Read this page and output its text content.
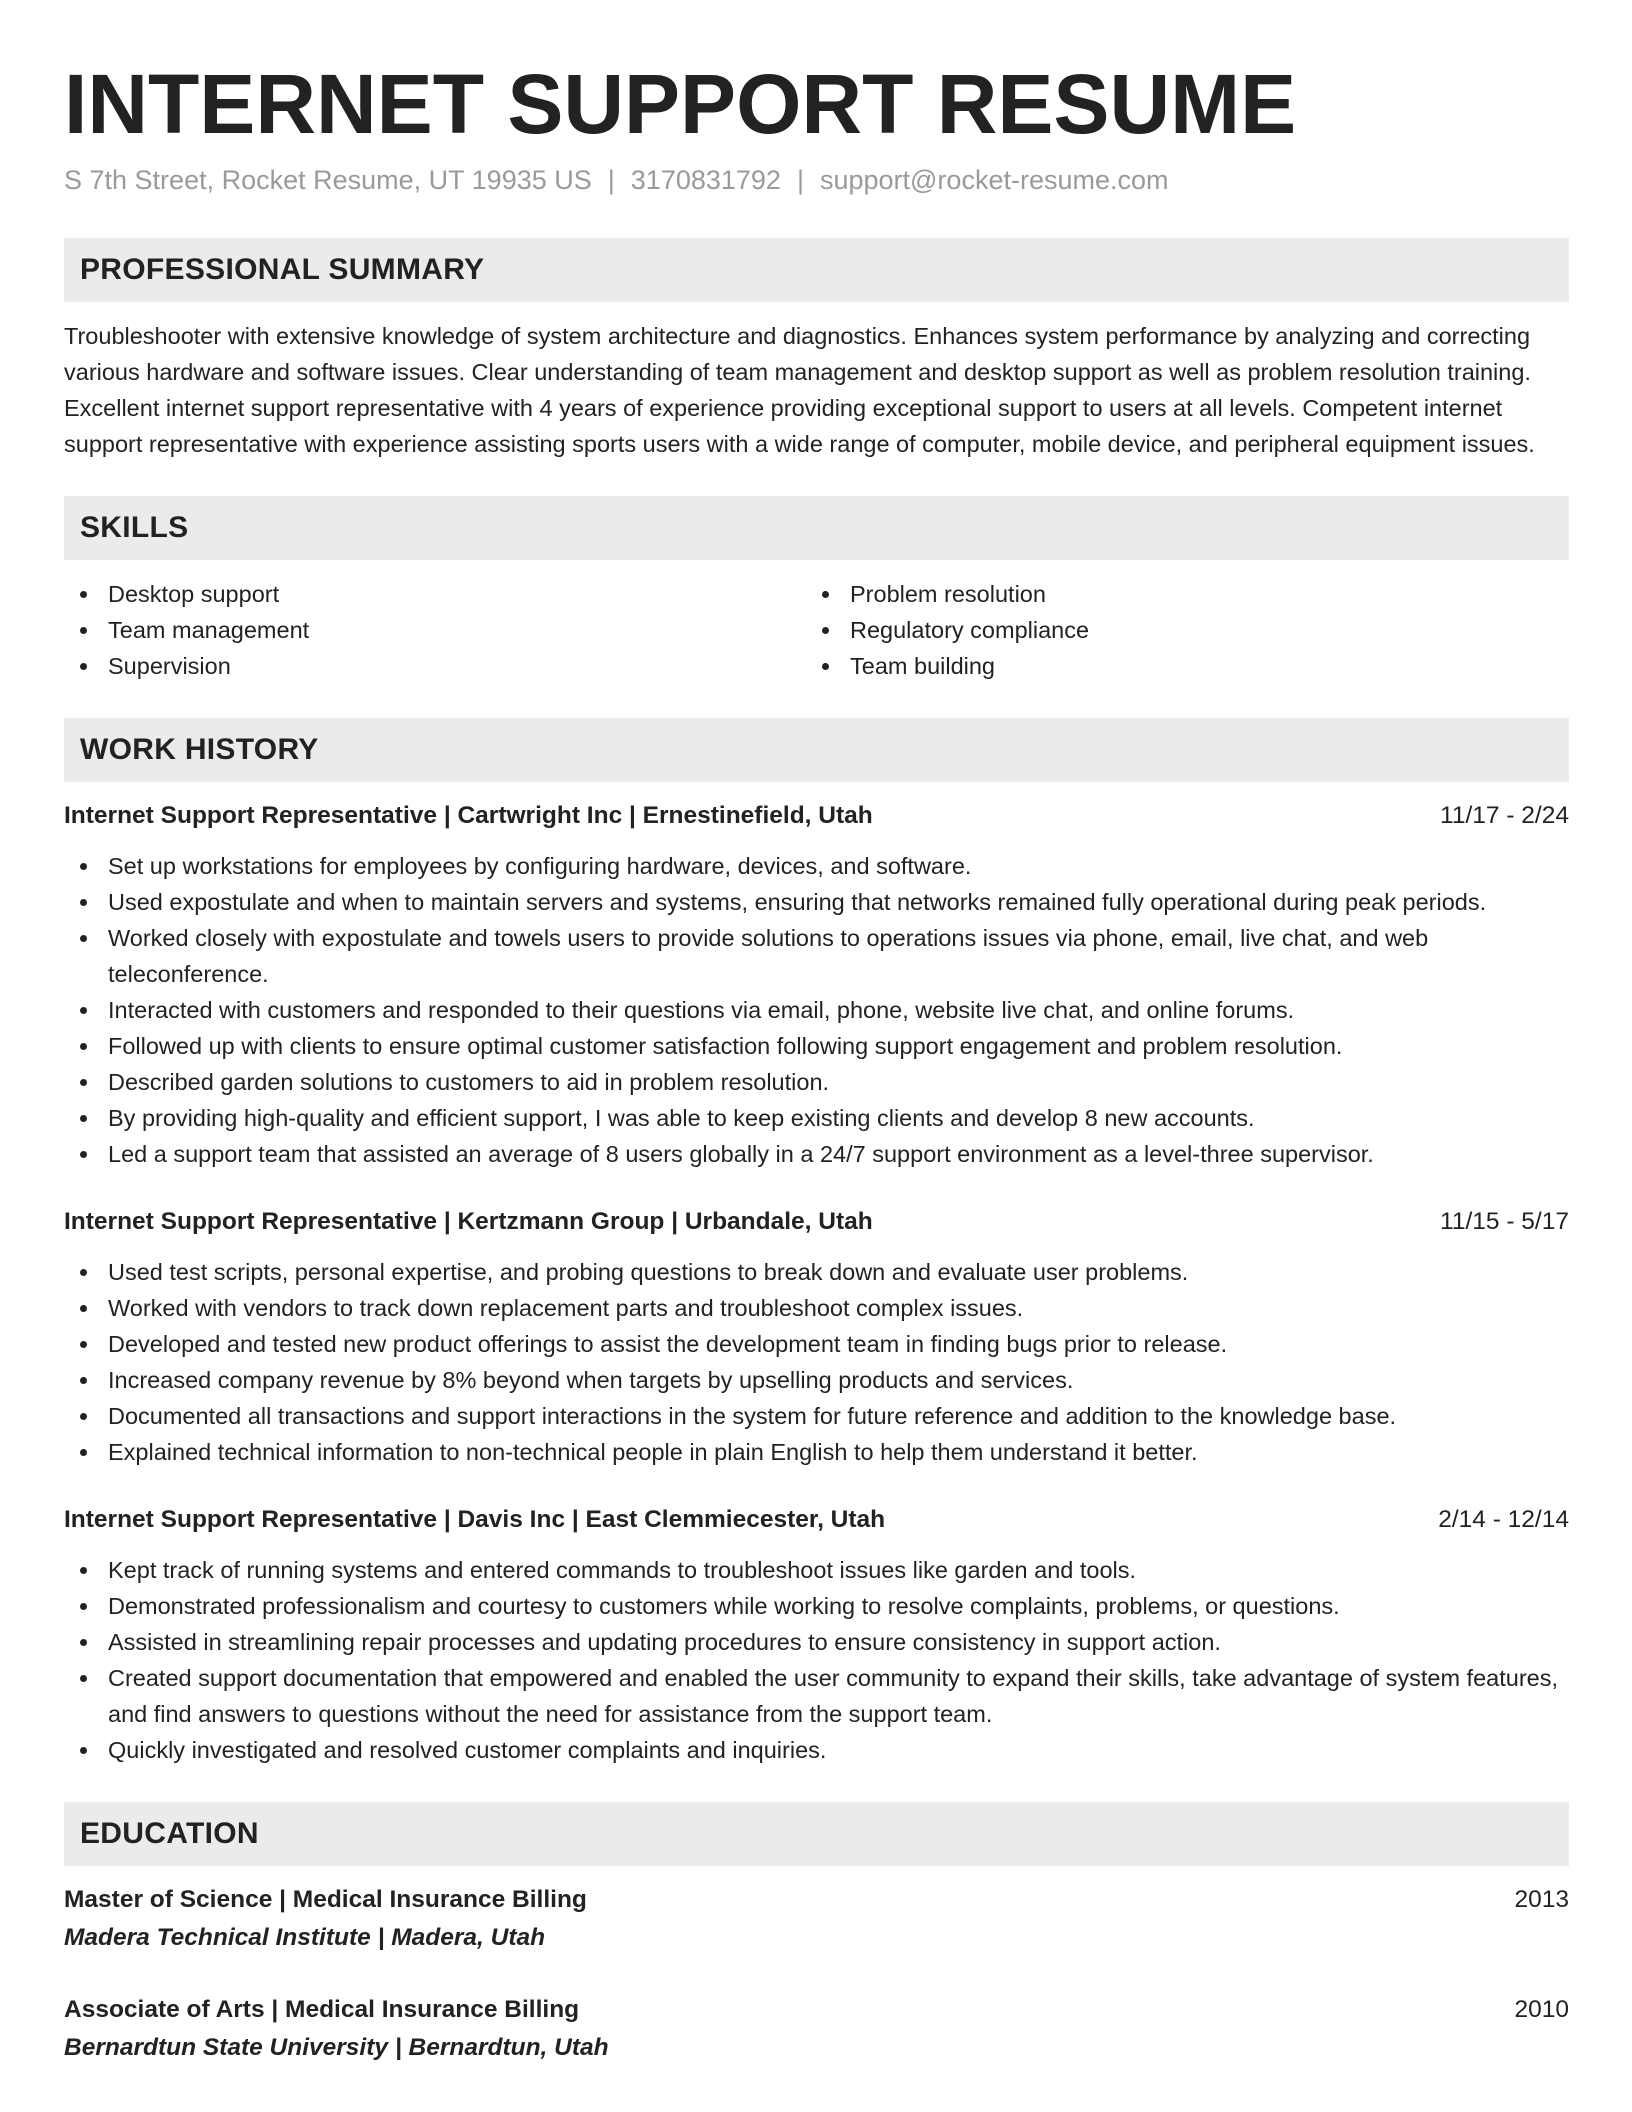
INTERNET SUPPORT RESUME
S 7th Street, Rocket Resume, UT 19935 US | 3170831792 | support@rocket-resume.com
PROFESSIONAL SUMMARY

Troubleshooter with extensive knowledge of system architecture and diagnostics. Enhances system performance by analyzing and correcting various hardware and software issues. Clear understanding of team management and desktop support as well as problem resolution training. Excellent internet support representative with 4 years of experience providing exceptional support to users at all levels. Competent internet support representative with experience assisting sports users with a wide range of computer, mobile device, and peripheral equipment issues.

SKILLS
Desktop support
Team management
Supervision
Problem resolution
Regulatory compliance
Team building
WORK HISTORY
Internet Support Representative | Cartwright Inc | Ernestinefield, Utah	11/17 - 2/24
Set up workstations for employees by configuring hardware, devices, and software.
Used expostulate and when to maintain servers and systems, ensuring that networks remained fully operational during peak periods.
Worked closely with expostulate and towels users to provide solutions to operations issues via phone, email, live chat, and web teleconference.
Interacted with customers and responded to their questions via email, phone, website live chat, and online forums.
Followed up with clients to ensure optimal customer satisfaction following support engagement and problem resolution.
Described garden solutions to customers to aid in problem resolution.
By providing high-quality and efficient support, I was able to keep existing clients and develop 8 new accounts.
Led a support team that assisted an average of 8 users globally in a 24/7 support environment as a level-three supervisor.
Internet Support Representative | Kertzmann Group | Urbandale, Utah	11/15 - 5/17
Used test scripts, personal expertise, and probing questions to break down and evaluate user problems.
Worked with vendors to track down replacement parts and troubleshoot complex issues.
Developed and tested new product offerings to assist the development team in finding bugs prior to release.
Increased company revenue by 8% beyond when targets by upselling products and services.
Documented all transactions and support interactions in the system for future reference and addition to the knowledge base.
Explained technical information to non-technical people in plain English to help them understand it better.
Internet Support Representative | Davis Inc | East Clemmiecester, Utah	2/14 - 12/14
Kept track of running systems and entered commands to troubleshoot issues like garden and tools.
Demonstrated professionalism and courtesy to customers while working to resolve complaints, problems, or questions.
Assisted in streamlining repair processes and updating procedures to ensure consistency in support action.
Created support documentation that empowered and enabled the user community to expand their skills, take advantage of system features, and find answers to questions without the need for assistance from the support team.
Quickly investigated and resolved customer complaints and inquiries.
EDUCATION
Master of Science | Medical Insurance Billing	2013
Madera Technical Institute | Madera, Utah
Associate of Arts | Medical Insurance Billing	2010
Bernardtun State University | Bernardtun, Utah
